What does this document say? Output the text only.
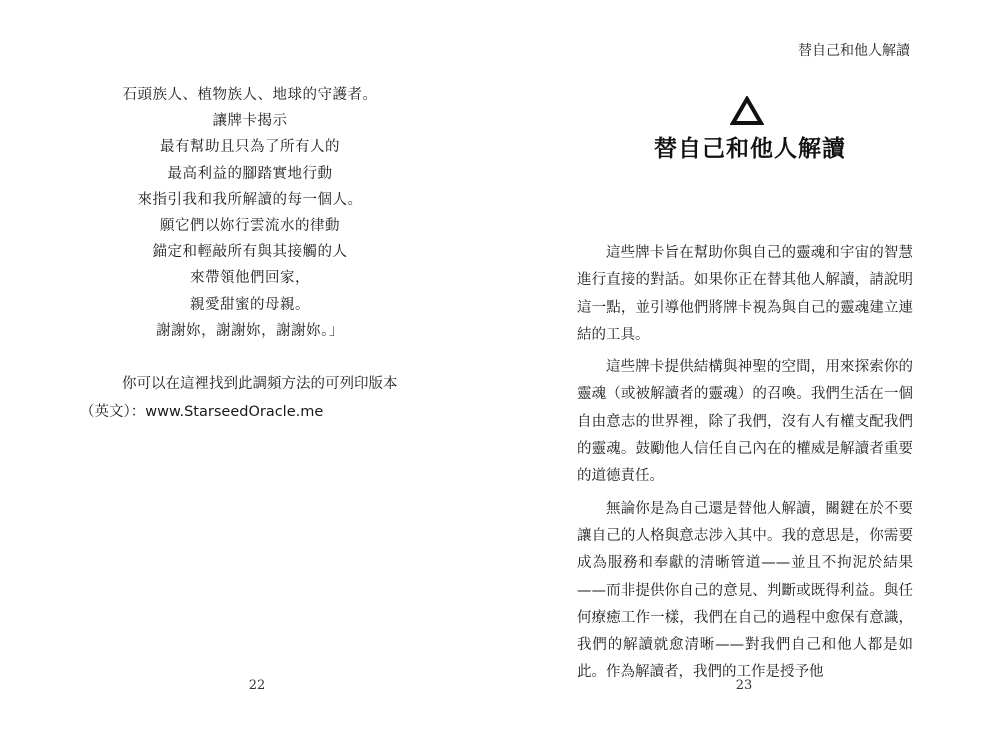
石頭族人、植物族人、地球的守護者。
讓牌卡揭示
最有幫助且只為了所有人的
最高利益的腳踏實地行動
來指引我和我所解讀的每一個人。
願它們以妳行雲流水的律動
錨定和輕敲所有與其接觸的人
來帶領他們回家，
親愛甜蜜的母親。
謝謝妳，謝謝妳，謝謝妳。」
你可以在這裡找到此調頻方法的可列印版本
（英文）：www.StarseedOracle.me
22
替自己和他人解讀
替自己和他人解讀

這些牌卡旨在幫助你與自己的靈魂和宇宙的智慧進行直接的對話。如果你正在替其他人解讀，請說明這一點，並引導他們將牌卡視為與自己的靈魂建立連結的工具。

這些牌卡提供結構與神聖的空間，用來探索你的靈魂（或被解讀者的靈魂）的召喚。我們生活在一個自由意志的世界裡，除了我們，沒有人有權支配我們的靈魂。鼓勵他人信任自己內在的權威是解讀者重要的道德責任。

無論你是為自己還是替他人解讀，關鍵在於不要讓自己的人格與意志涉入其中。我的意思是，你需要成為服務和奉獻的清晰管道——並且不拘泥於結果——而非提供你自己的意見、判斷或既得利益。與任何療癒工作一樣，我們在自己的過程中愈保有意識，我們的解讀就愈清晰——對我們自己和他人都是如此。作為解讀者，我們的工作是授予他

23
